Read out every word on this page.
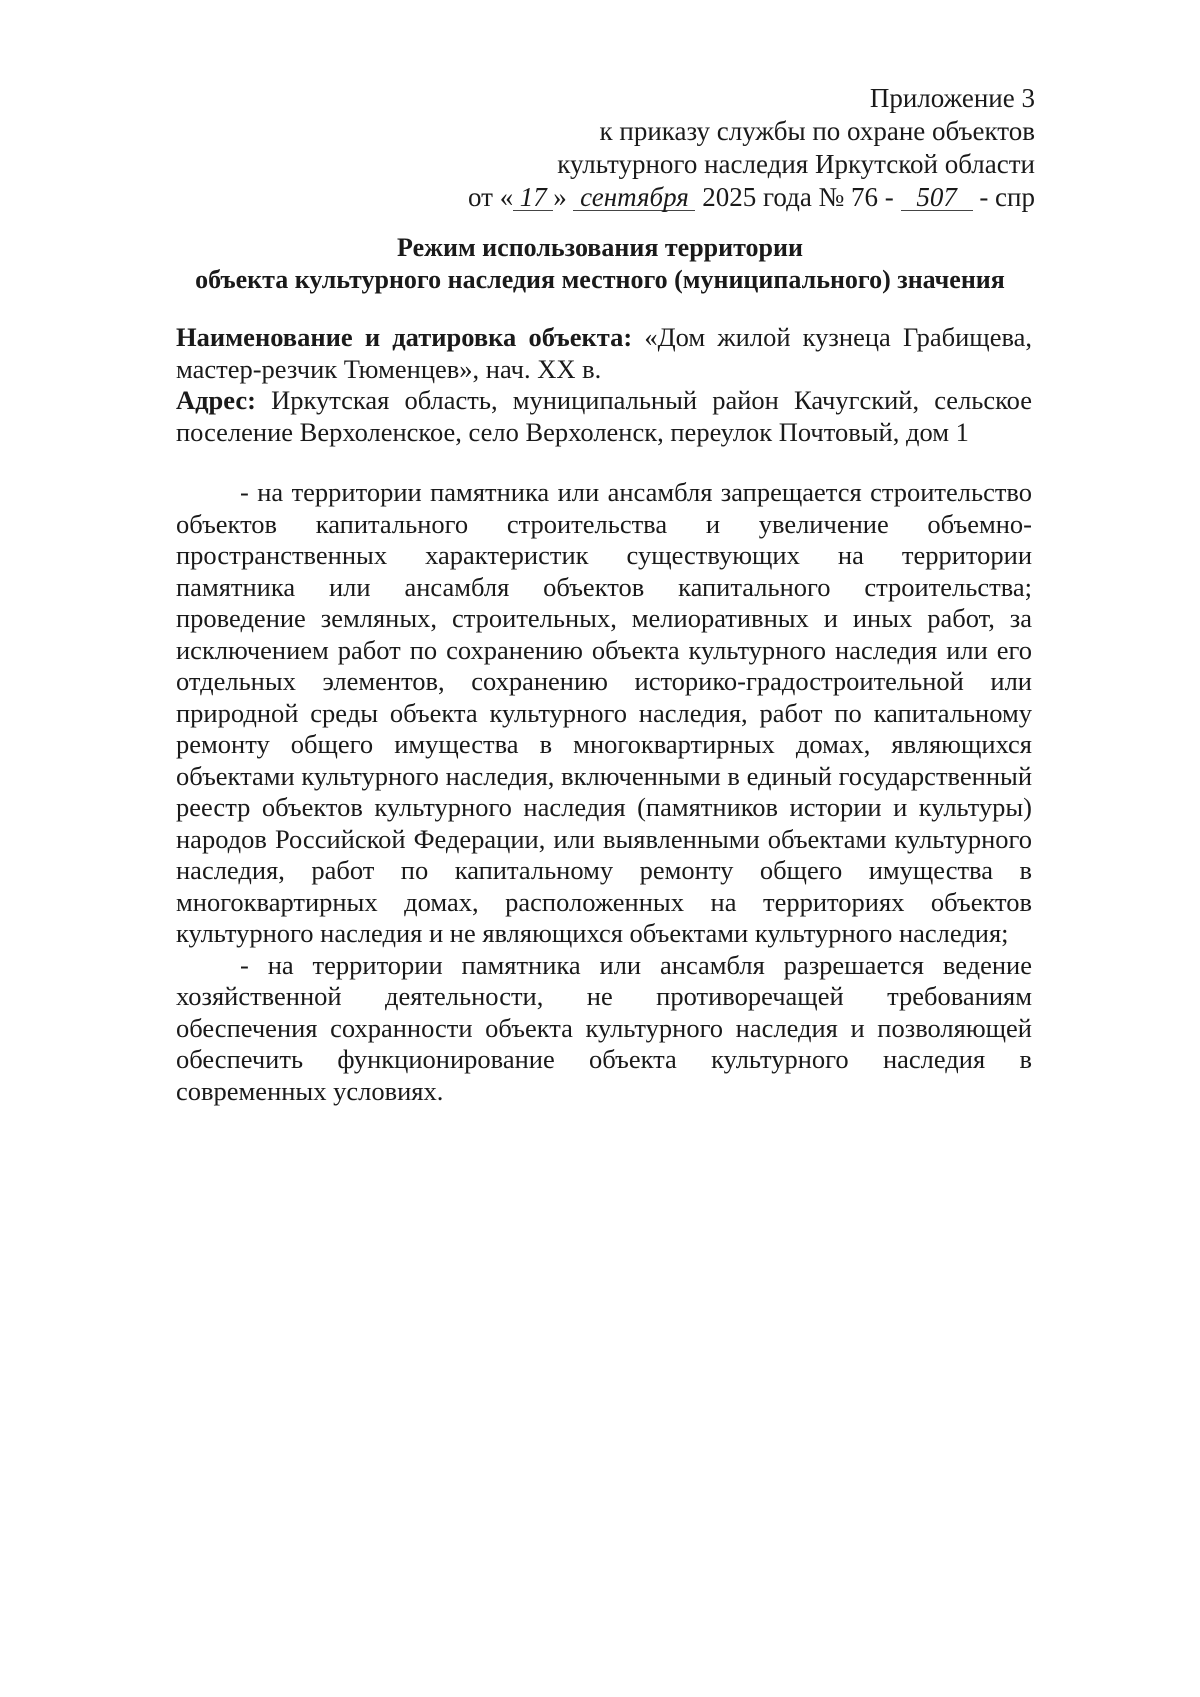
Приложение 3
к приказу службы по охране объектов
культурного наследия Иркутской области
от « 17 » сентября 2025 года № 76 - 507 - спр
Режим использования территории
объекта культурного наследия местного (муниципального) значения

Наименование и датировка объекта: «Дом жилой кузнеца Грабищева, мастер-резчик Тюменцев», нач. XX в.

Адрес: Иркутская область, муниципальный район Качугский, сельское поселение Верхоленское, село Верхоленск, переулок Почтовый, дом 1

- на территории памятника или ансамбля запрещается строительство объектов капитального строительства и увеличение объемно-пространственных характеристик существующих на территории памятника или ансамбля объектов капитального строительства; проведение земляных, строительных, мелиоративных и иных работ, за исключением работ по сохранению объекта культурного наследия или его отдельных элементов, сохранению историко-градостроительной или природной среды объекта культурного наследия, работ по капитальному ремонту общего имущества в многоквартирных домах, являющихся объектами культурного наследия, включенными в единый государственный реестр объектов культурного наследия (памятников истории и культуры) народов Российской Федерации, или выявленными объектами культурного наследия, работ по капитальному ремонту общего имущества в многоквартирных домах, расположенных на территориях объектов культурного наследия и не являющихся объектами культурного наследия;

- на территории памятника или ансамбля разрешается ведение хозяйственной деятельности, не противоречащей требованиям обеспечения сохранности объекта культурного наследия и позволяющей обеспечить функционирование объекта культурного наследия в современных условиях.
